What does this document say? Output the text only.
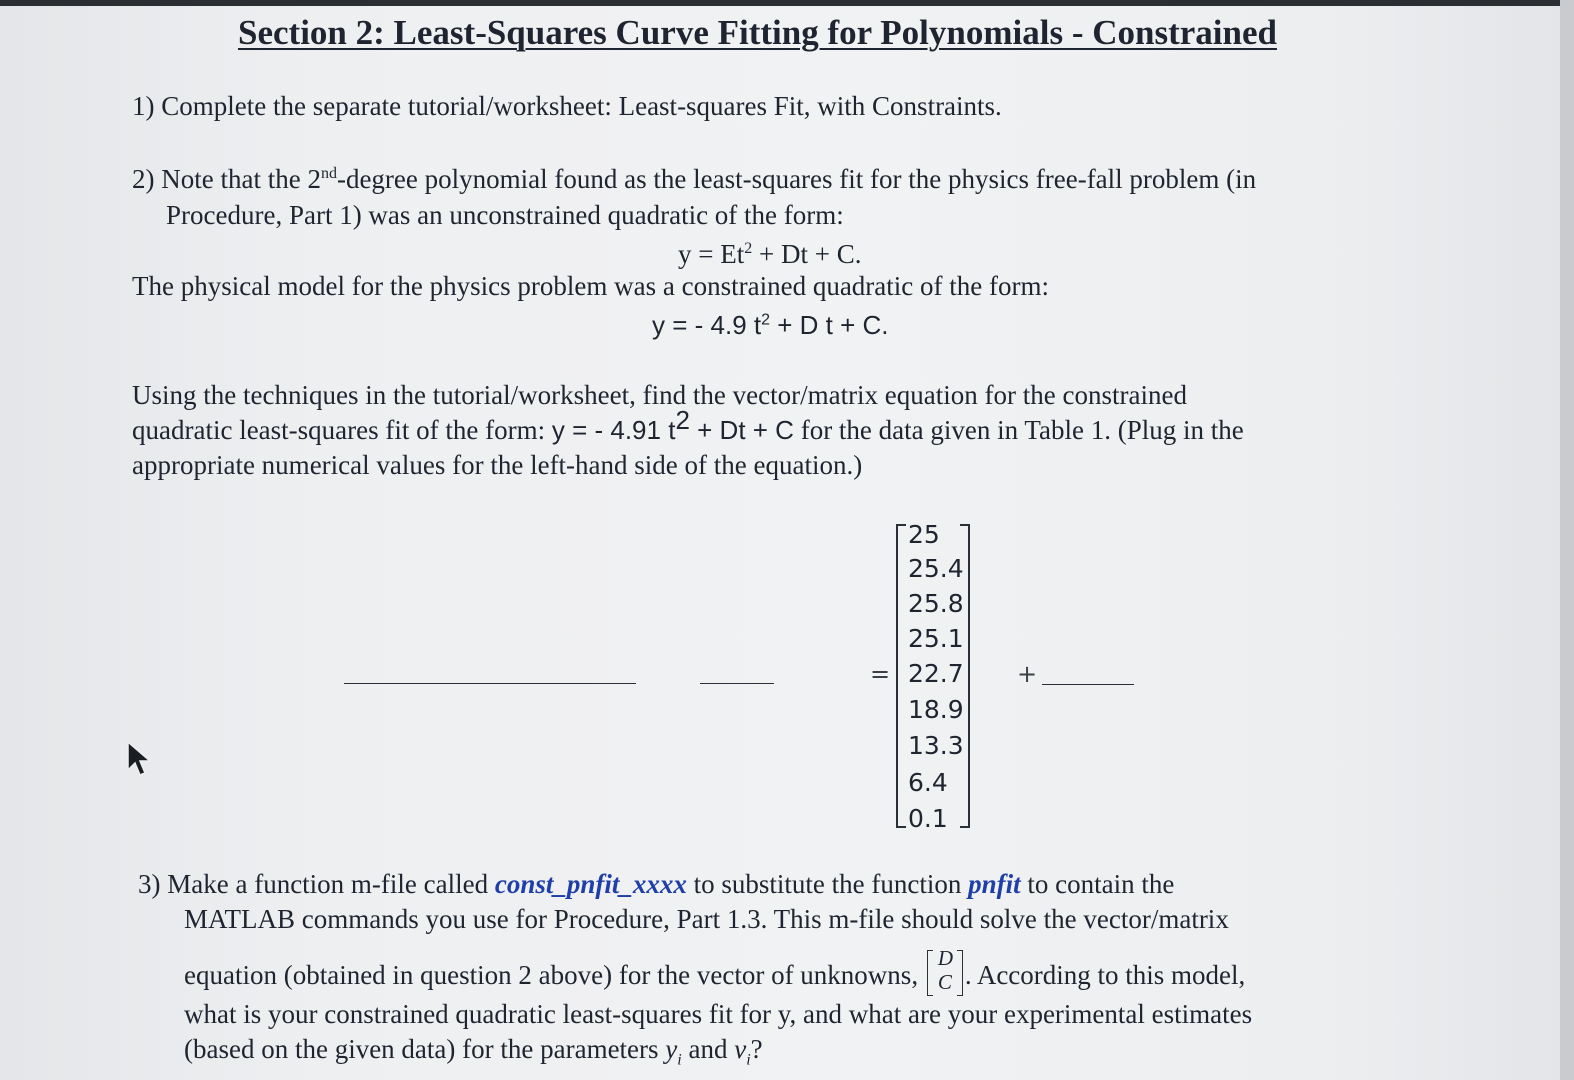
Section 2: Least-Squares Curve Fitting for Polynomials - Constrained
1) Complete the separate tutorial/worksheet: Least-squares Fit, with Constraints.
2) Note that the 2nd-degree polynomial found as the least-squares fit for the physics free-fall problem (in
Procedure, Part 1) was an unconstrained quadratic of the form:
$y = Et^2 + Dt + C$.
The physical model for the physics problem was a constrained quadratic of the form:
y = - 4.9 $t^2 + D$ t + C.
Using the techniques in the tutorial/worksheet, find the vector/matrix equation for the constrained
quadratic least-squares fit of the form: y = - 4.91 $t^2 + Dt + C$ for the data given in Table 1. (Plug in the
appropriate numerical values for the left-hand side of the equation.)
=	+
25
25.4
25.8
25.1
22.7
18.9
13.3
6.4
0.1
3) Make a function m-file called const_pnfit_xxxx to substitute the function pnfit to contain the
MATLAB commands you use for Procedure, Part 1.3. This m-file should solve the vector/matrix
equation (obtained in question 2 above) for the vector of unknowns,
D
C . According to this model,
what is your constrained quadratic least-squares fit for y, and what are your experimental estimates
(based on the given data) for the parameters $y_i$ and $v_i$?
